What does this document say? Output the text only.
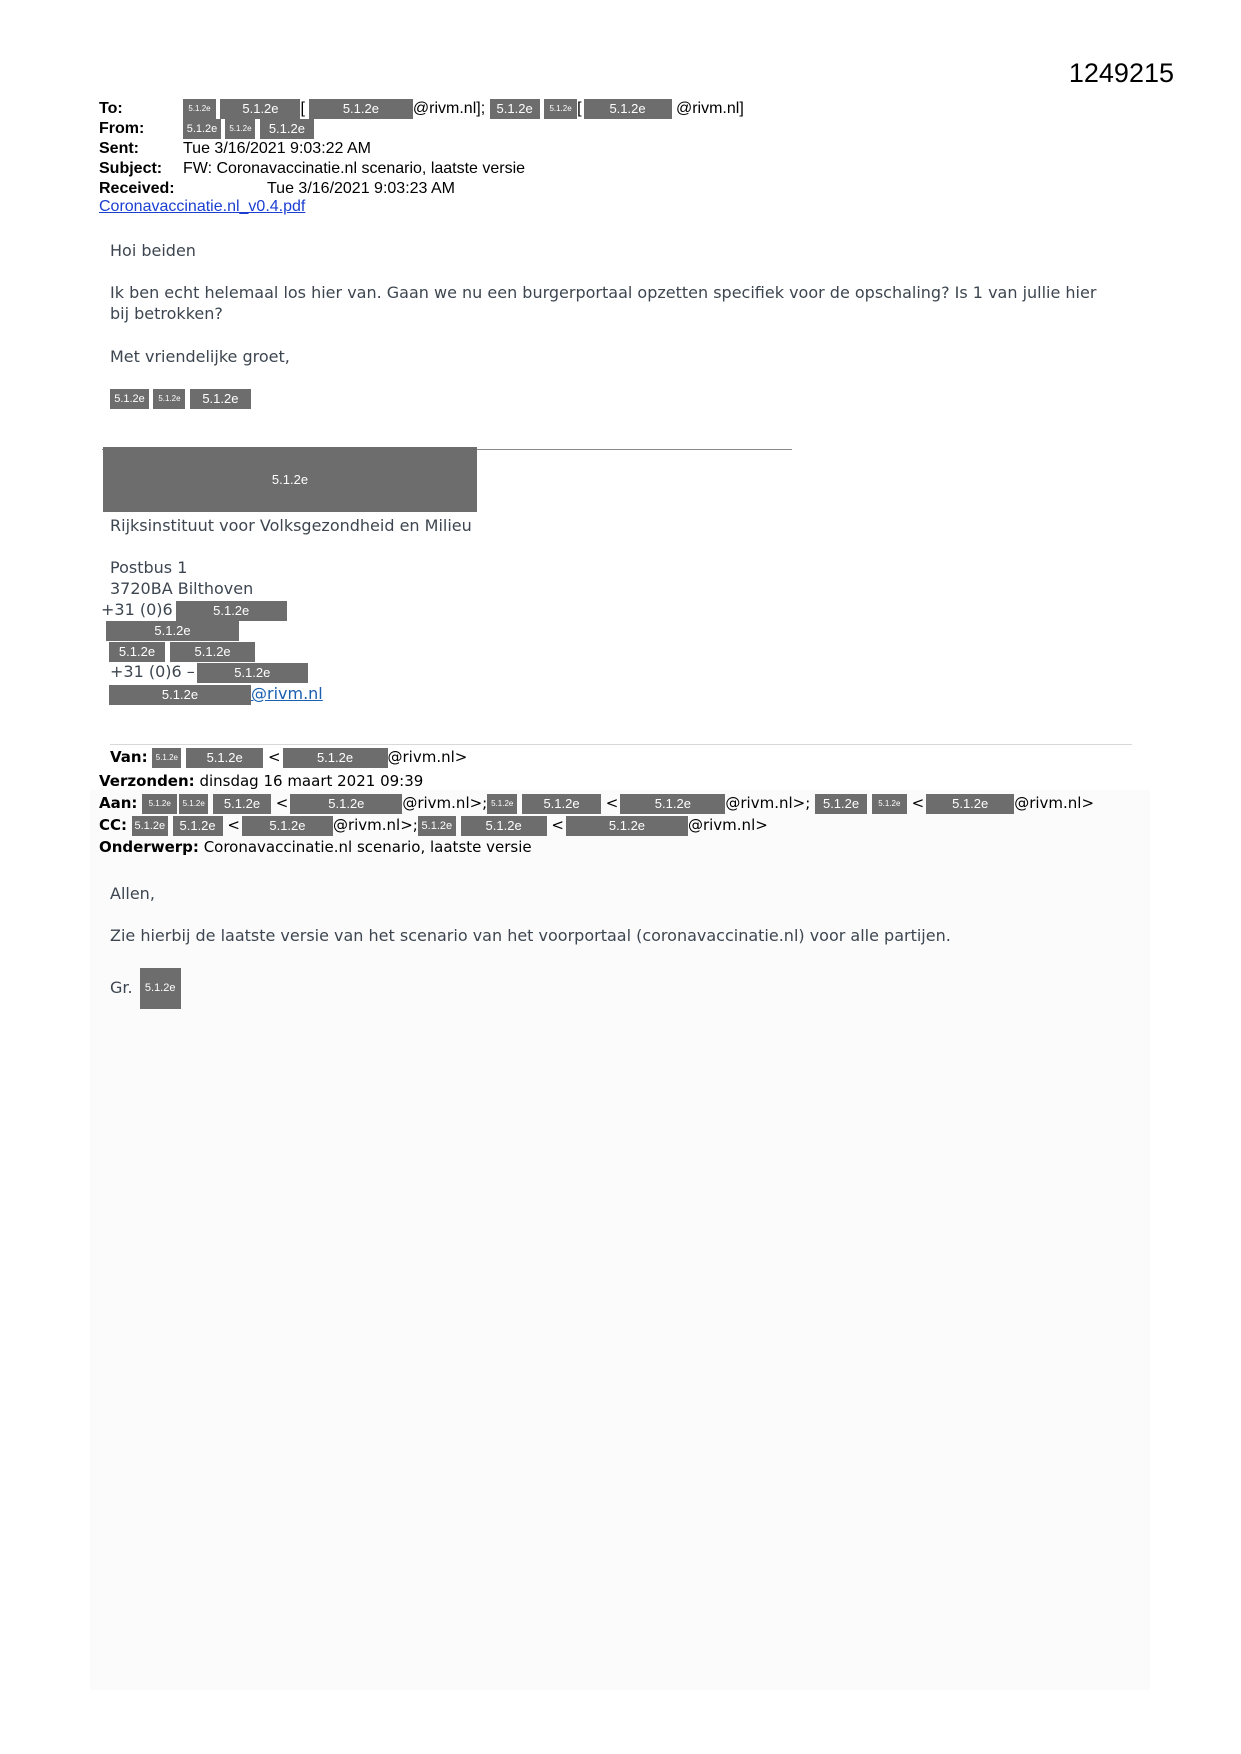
1249215
To:	5.1.2e 5.1.2e [	5.1.2e @rivm.nl]; 5.1.2e 5.1.2e [ 5.1.2e @rivm.nl]
From:	5.1.2e 5.1.2e 5.1.2e
Sent:	Tue 3/16/2021 9:03:22 AM
Subject: FW: Coronavaccinatie.nl scenario, laatste versie
Received:	Tue 3/16/2021 9:03:23 AM
Coronavaccinatie.nl_v0.4.pdf
Hoi beiden
Ik ben echt helemaal los hier van. Gaan we nu een burgerportaal opzetten specifiek voor de opschaling? Is 1 van jullie hier bij betrokken?
Met vriendelijke groet,
5.1.2e 5.1.2e 5.1.2e
5.1.2e
Rijksinstituut voor Volksgezondheid en Milieu
Postbus 1
3720BA Bilthoven
+31 (0)6	5.1.2e
5.1.2e
5.1.2e	5.1.2e
+31 (0)6 –	5.1.2e
5.1.2e	@rivm.nl
Van: 5.1.2e 5.1.2e <	5.1.2e @rivm.nl>
Verzonden: dinsdag 16 maart 2021 09:39
Aan: 5.1.2e 5.1.2e 5.1.2e <	5.1.2e	@rivm.nl>; 5.1.2e 5.1.2e <	5.1.2e @rivm.nl>; 5.1.2e 5.1.2e < 5.1.2e @rivm.nl>
CC: 5.1.2e 5.1.2e < 5.1.2e @rivm.nl>; 5.1.2e	5.1.2e <	5.1.2e	@rivm.nl>
Onderwerp: Coronavaccinatie.nl scenario, laatste versie
Allen,
Zie hierbij de laatste versie van het scenario van het voorportaal (coronavaccinatie.nl) voor alle partijen.
Gr. 5.1.2e
